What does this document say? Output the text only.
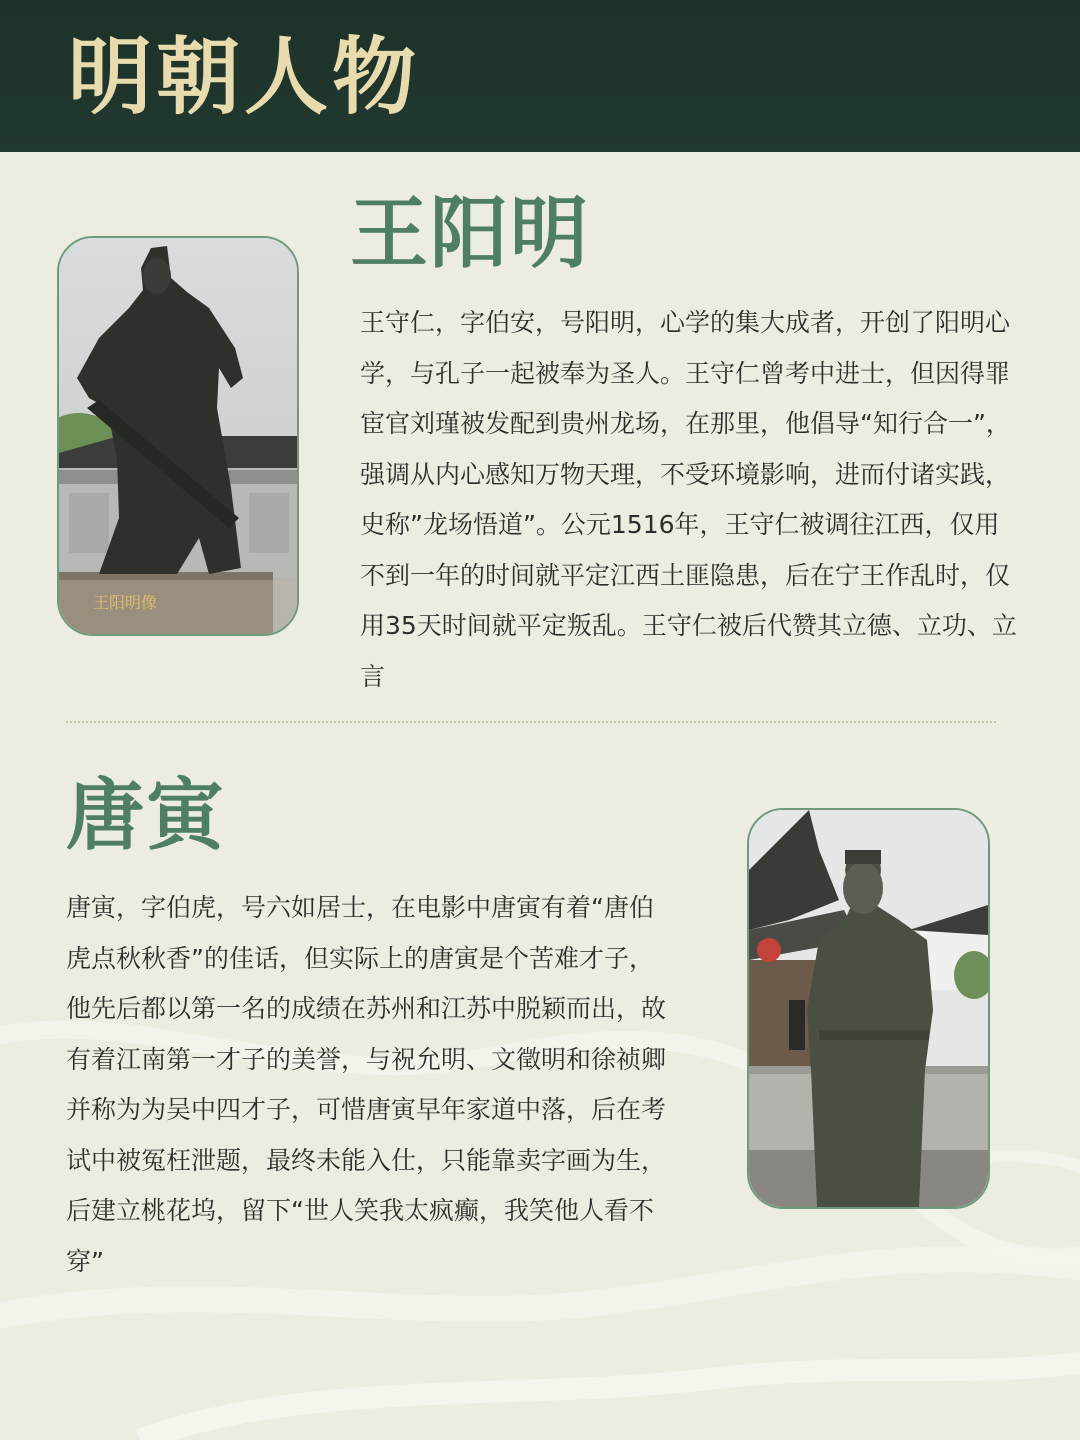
明朝人物
王阳明
王阳明像
王守仁，字伯安，号阳明，心学的集大成者，开创了阳明心学，与孔子一起被奉为圣人。王守仁曾考中进士，但因得罪宦官刘瑾被发配到贵州龙场，在那里，他倡导“知行合一”，强调从内心感知万物天理，不受环境影响，进而付诸实践，史称”龙场悟道”。公元1516年，王守仁被调往江西，仅用不到一年的时间就平定江西土匪隐患，后在宁王作乱时，仅用35天时间就平定叛乱。王守仁被后代赞其立德、立功、立言
唐寅
唐寅，字伯虎，号六如居士，在电影中唐寅有着“唐伯虎点秋秋香”的佳话，但实际上的唐寅是个苦难才子，他先后都以第一名的成绩在苏州和江苏中脱颖而出，故有着江南第一才子的美誉，与祝允明、文徵明和徐祯卿并称为为吴中四才子，可惜唐寅早年家道中落，后在考试中被冤枉泄题，最终未能入仕，只能靠卖字画为生，后建立桃花坞，留下“世人笑我太疯癫，我笑他人看不穿”
